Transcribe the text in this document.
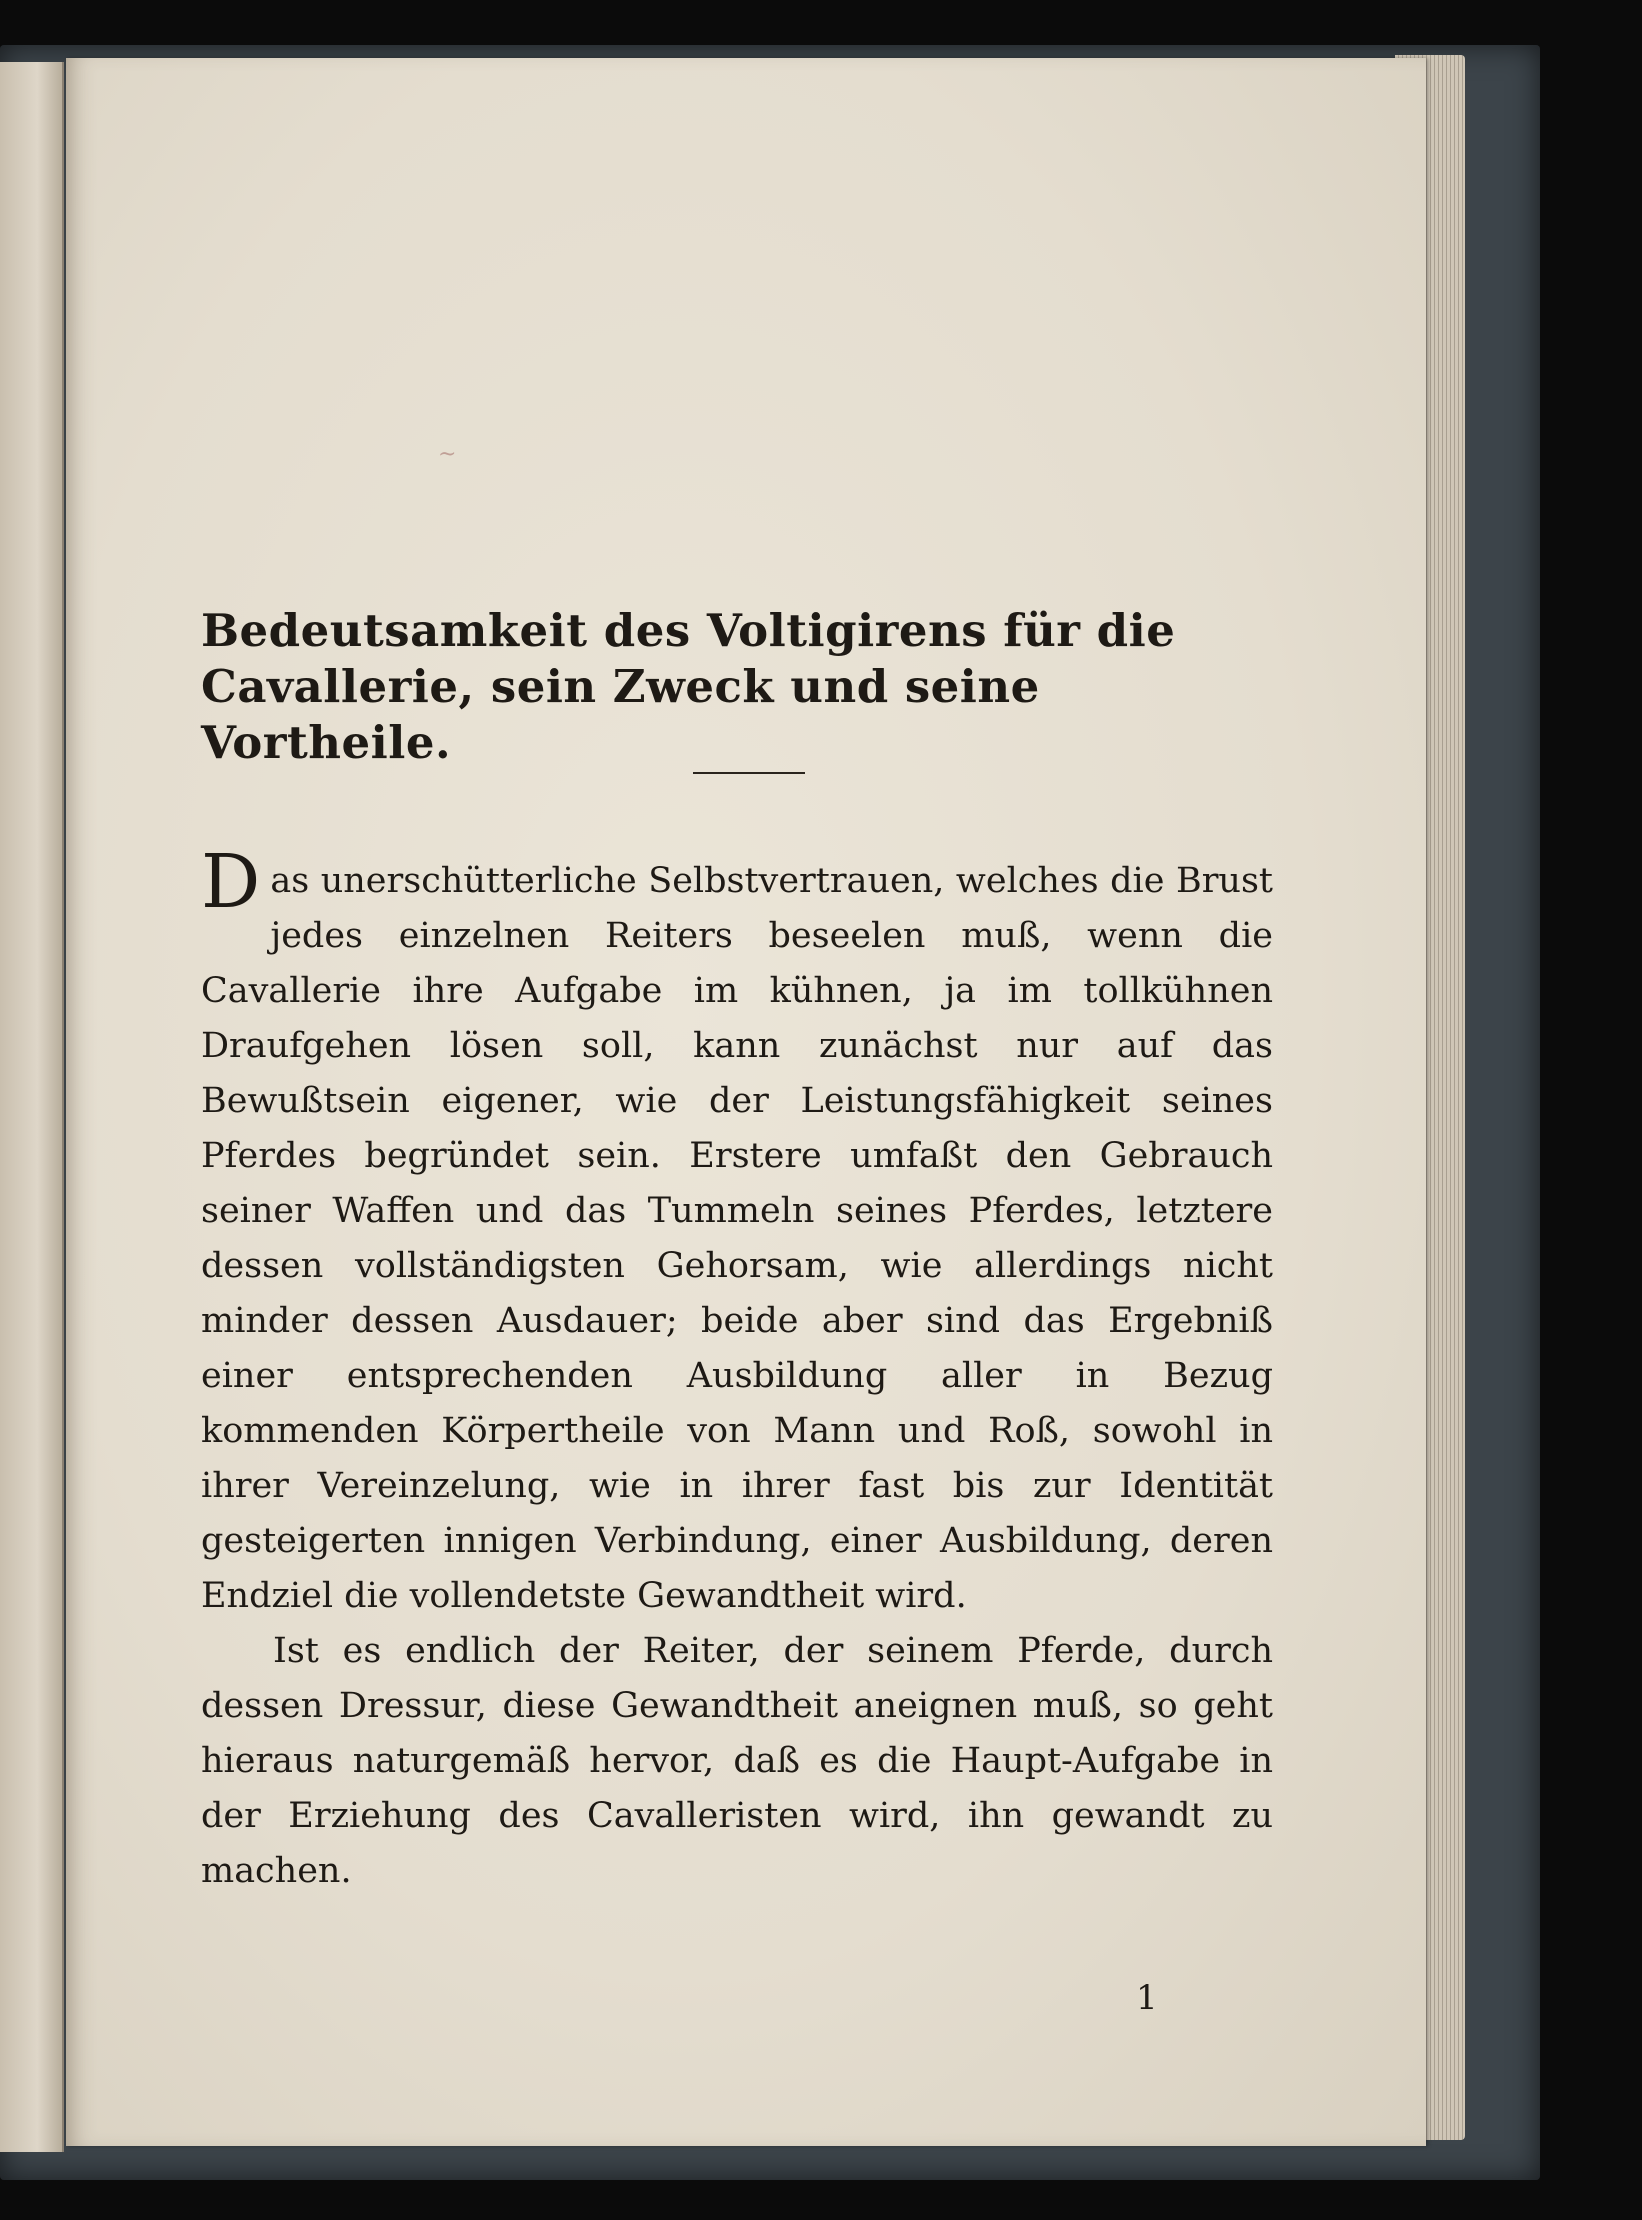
~
Bedeutsamkeit des Voltigirens für die Cavallerie, sein Zweck und seine Vortheile.

Das unerschütterliche Selbstvertrauen, welches die Brust jedes einzelnen Reiters beseelen muß, wenn die Cavallerie ihre Aufgabe im kühnen, ja im tollkühnen Draufgehen lösen soll, kann zunächst nur auf das Bewußtsein eigener, wie der Leistungsfähigkeit seines Pferdes begründet sein. Erstere umfaßt den Gebrauch seiner Waffen und das Tummeln seines Pferdes, letztere dessen vollständigsten Gehorsam, wie allerdings nicht minder dessen Ausdauer; beide aber sind das Ergebniß einer entsprechenden Ausbildung aller in Bezug kommenden Körpertheile von Mann und Roß, sowohl in ihrer Vereinzelung, wie in ihrer fast bis zur Identität gesteigerten innigen Verbindung, einer Ausbildung, deren Endziel die vollendetste Gewandtheit wird.

Ist es endlich der Reiter, der seinem Pferde, durch dessen Dressur, diese Gewandtheit aneignen muß, so geht hieraus naturgemäß hervor, daß es die Haupt-Aufgabe in der Erziehung des Cavalleristen wird, ihn gewandt zu machen.

1
